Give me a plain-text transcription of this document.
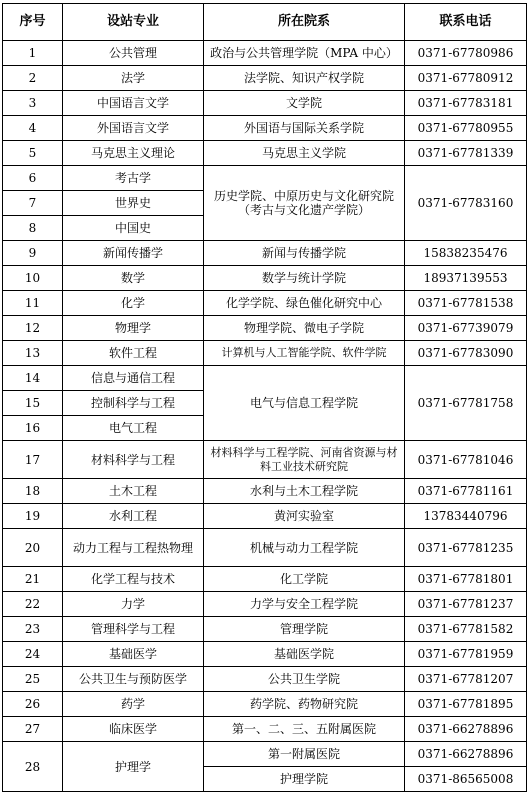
序号	设站专业	所在院系	联系电话
1	公共管理	政治与公共管理学院（MPA 中心）	0371-67780986
2	法学	法学院、知识产权学院	0371-67780912
3	中国语言文学	文学院	0371-67783181
4	外国语言文学	外国语与国际关系学院	0371-67780955
5	马克思主义理论	马克思主义学院	0371-67781339
6	考古学	历史学院、中原历史与文化研究院（考古与文化遗产学院）	0371-67783160
7	世界史		
8	中国史		
9	新闻传播学	新闻与传播学院	15838235476
10	数学	数学与统计学院	18937139553
11	化学	化学学院、绿色催化研究中心	0371-67781538
12	物理学	物理学院、微电子学院	0371-67739079
13	软件工程	计算机与人工智能学院、软件学院	0371-67783090
14	信息与通信工程	电气与信息工程学院	0371-67781758
15	控制科学与工程		
16	电气工程		
17	材料科学与工程	材料科学与工程学院、河南省资源与材料工业技术研究院	0371-67781046
18	土木工程	水利与土木工程学院	0371-67781161
19	水利工程	黄河实验室	13783440796
20	动力工程与工程热物理	机械与动力工程学院	0371-67781235
21	化学工程与技术	化工学院	0371-67781801
22	力学	力学与安全工程学院	0371-67781237
23	管理科学与工程	管理学院	0371-67781582
24	基础医学	基础医学院	0371-67781959
25	公共卫生与预防医学	公共卫生学院	0371-67781207
26	药学	药学院、药物研究院	0371-67781895
27	临床医学	第一、二、三、五附属医院	0371-66278896
28	护理学	第一附属医院	0371-66278896
		护理学院	0371-86565008
